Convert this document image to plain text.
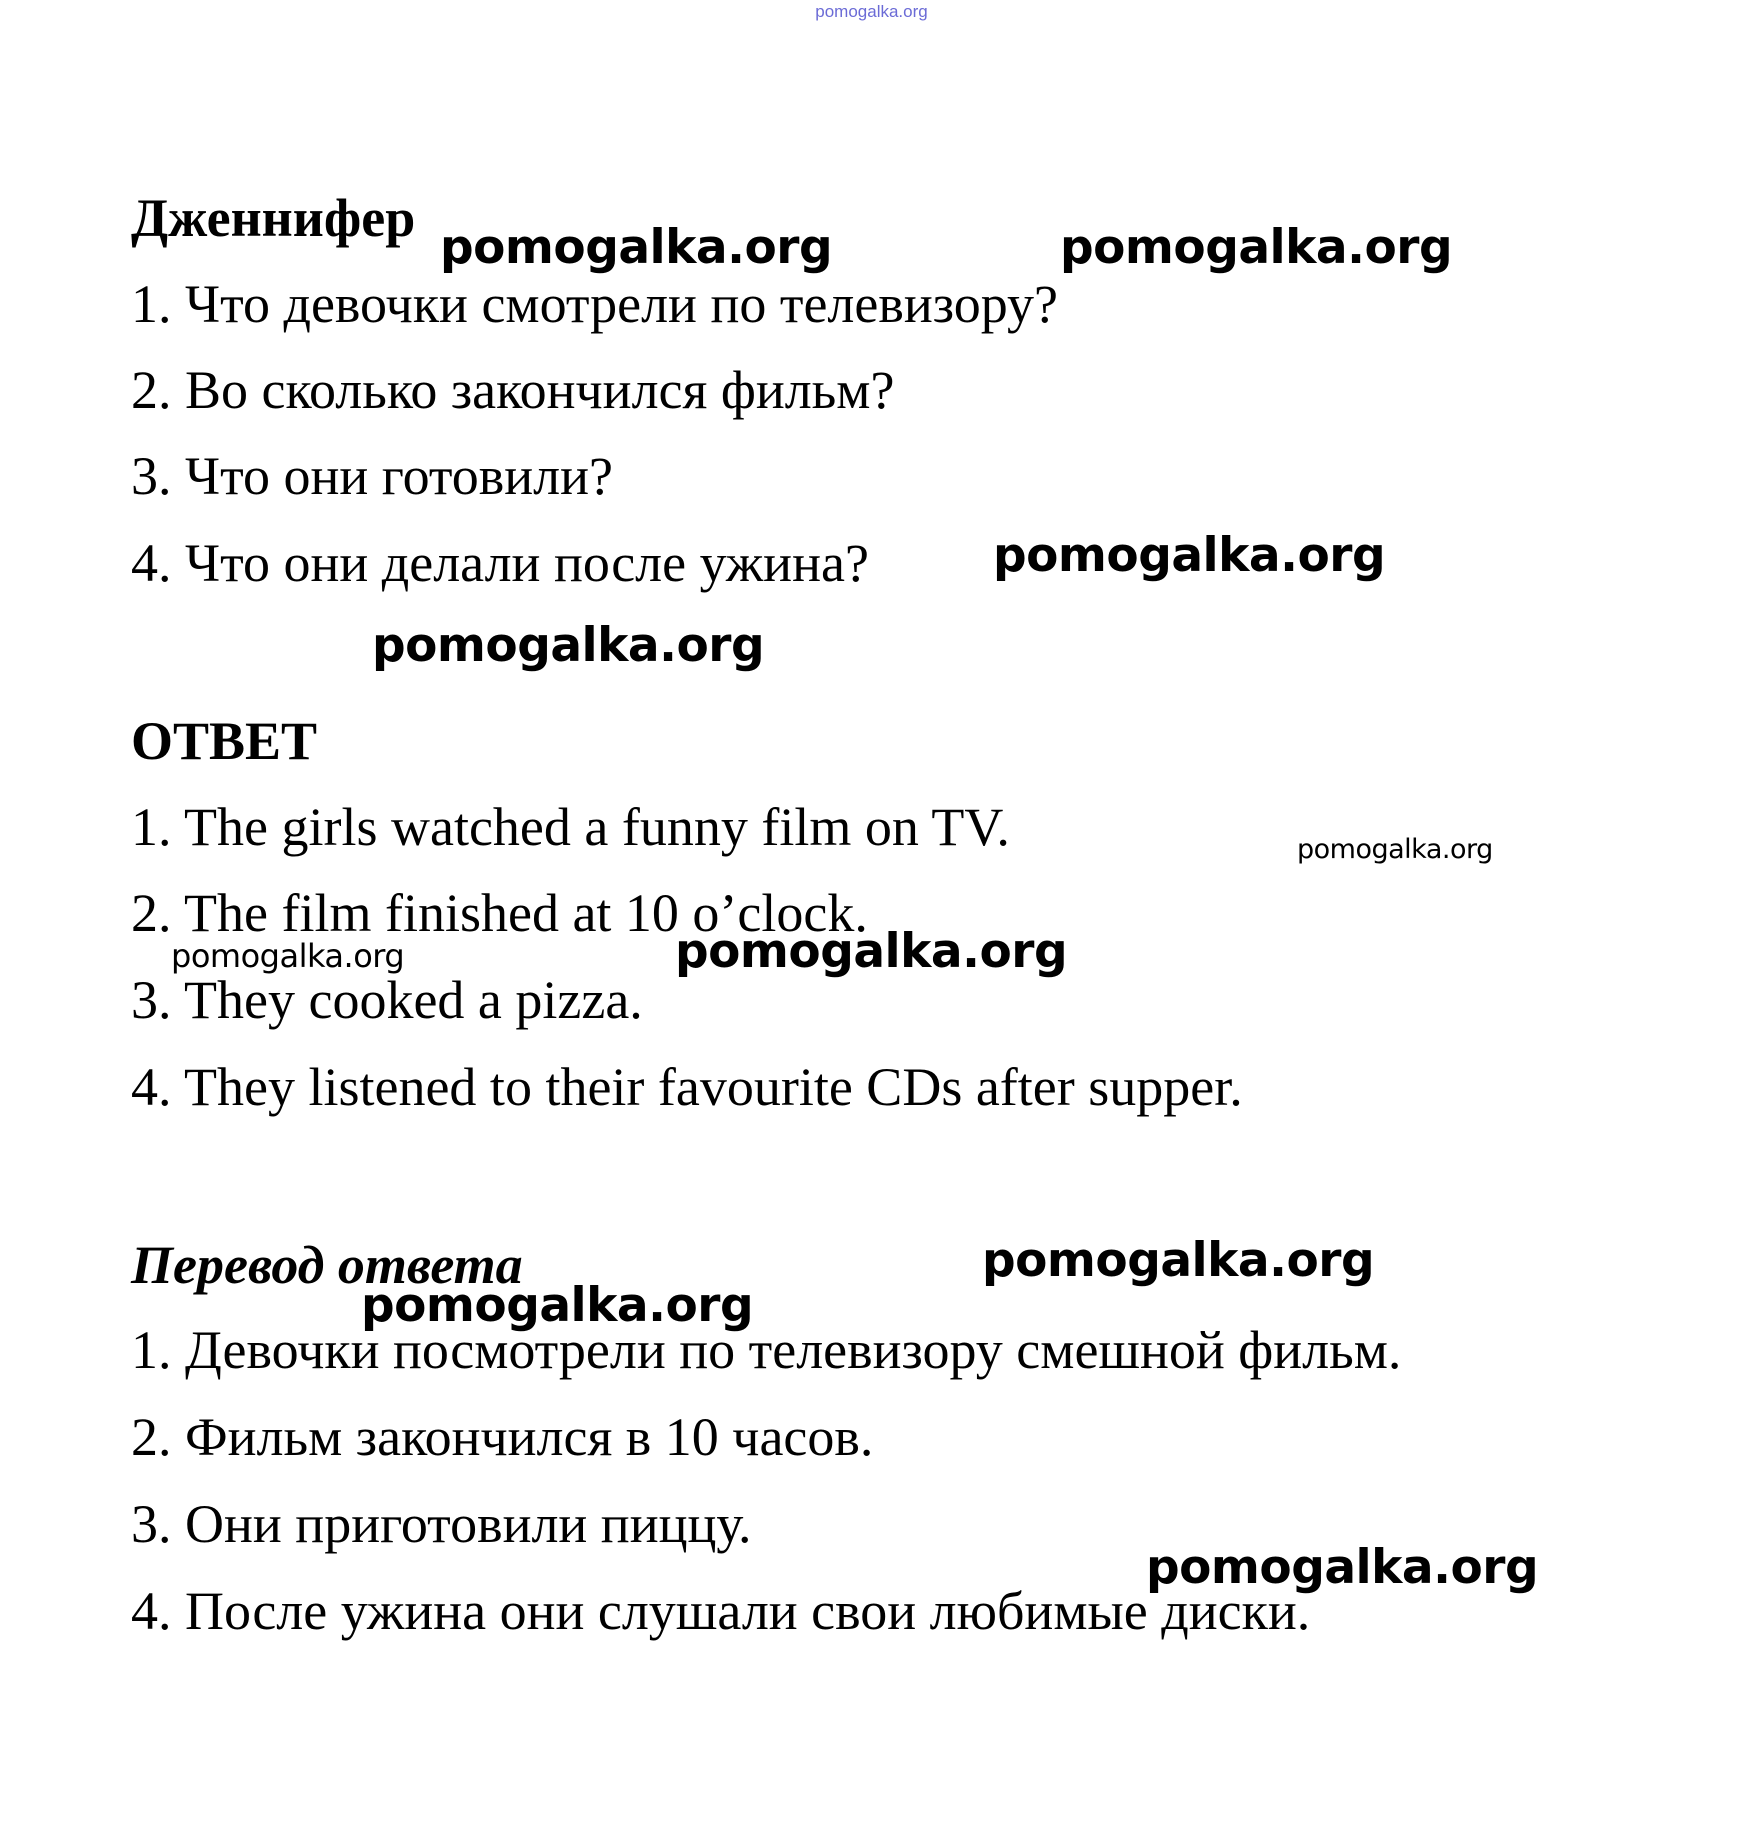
pomogalka.org
Дженнифер
1. Что девочки смотрели по телевизору?
2. Во сколько закончился фильм?
3. Что они готовили?
4. Что они делали после ужина?
ОТВЕТ
1. The girls watched a funny film on TV.
2. The film finished at 10 o’clock.
3. They cooked a pizza.
4. They listened to their favourite CDs after supper.
Перевод ответа
1. Девочки посмотрели по телевизору смешной фильм.
2. Фильм закончился в 10 часов.
3. Они приготовили пиццу.
4. После ужина они слушали свои любимые диски.
pomogalka.org	pomogalka.org
pomogalka.org
pomogalka.org
pomogalka.org
pomogalka.org	pomogalka.org
pomogalka.org
pomogalka.org
pomogalka.org
